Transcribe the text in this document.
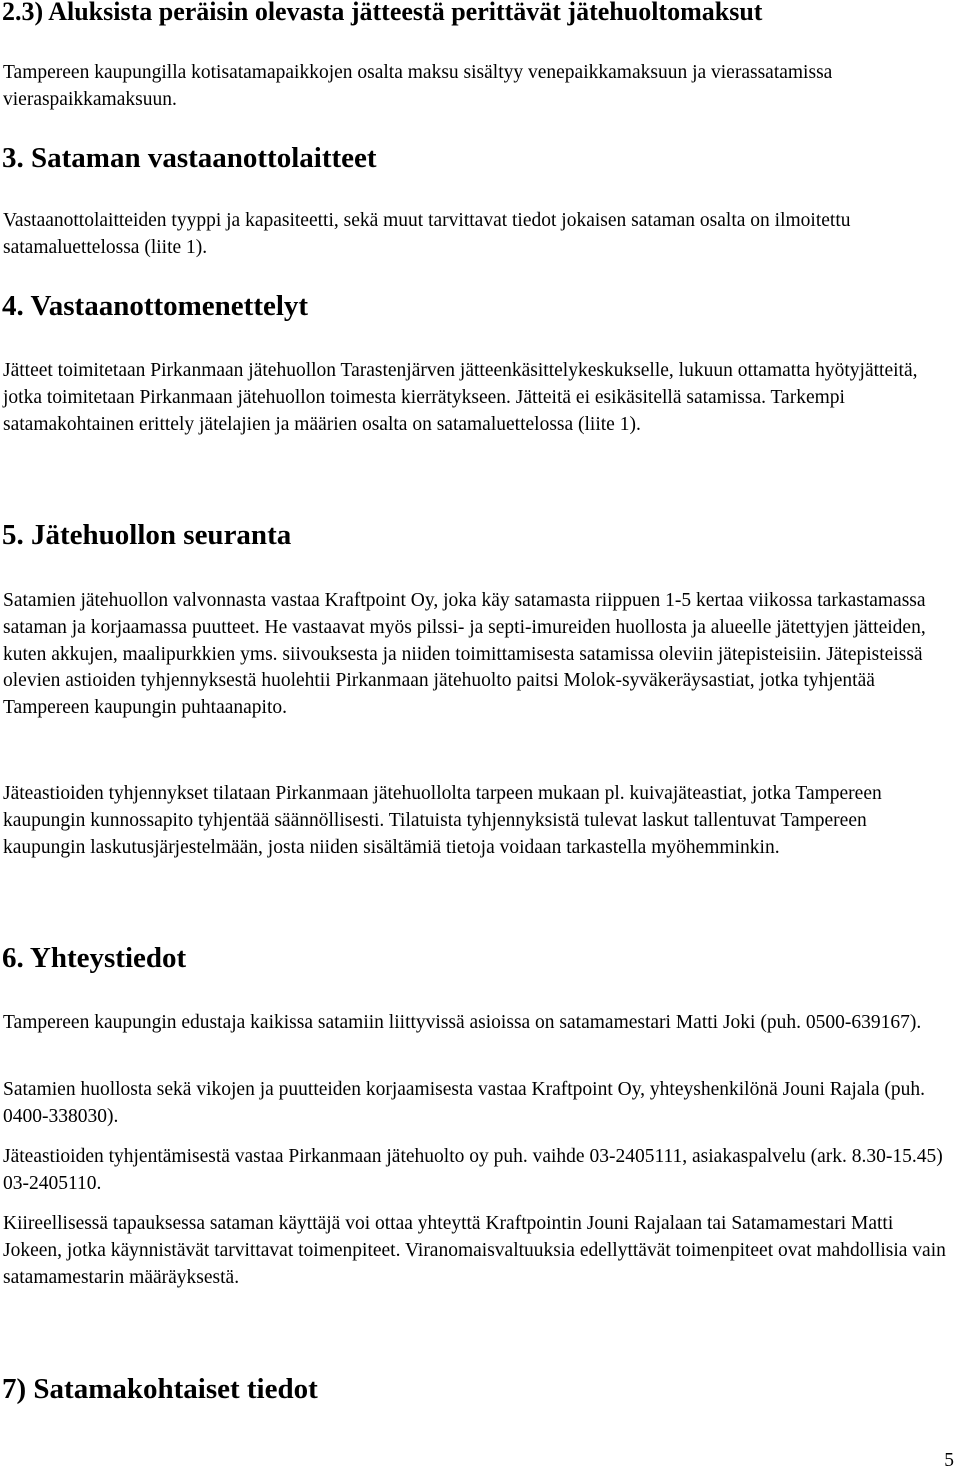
2.3) Aluksista peräisin olevasta jätteestä perittävät jätehuoltomaksut

Tampereen kaupungilla kotisatamapaikkojen osalta maksu sisältyy venepaikkamaksuun ja vierassatamissa vieraspaikkamaksuun.

3. Sataman vastaanottolaitteet

Vastaanottolaitteiden tyyppi ja kapasiteetti, sekä muut tarvittavat tiedot jokaisen sataman osalta on ilmoitettu satamaluettelossa (liite 1).

4. Vastaanottomenettelyt

Jätteet toimitetaan Pirkanmaan jätehuollon Tarastenjärven jätteenkäsittelykeskukselle, lukuun ottamatta hyötyjätteitä, jotka toimitetaan Pirkanmaan jätehuollon toimesta kierrätykseen. Jätteitä ei esikäsitellä satamissa. Tarkempi satamakohtainen erittely jätelajien ja määrien osalta on satamaluettelossa (liite 1).

5. Jätehuollon seuranta

Satamien jätehuollon valvonnasta vastaa Kraftpoint Oy, joka käy satamasta riippuen 1-5 kertaa viikossa tarkastamassa sataman ja korjaamassa puutteet. He vastaavat myös pilssi- ja septi-imureiden huollosta ja alueelle jätettyjen jätteiden, kuten akkujen, maalipurkkien yms. siivouksesta ja niiden toimittamisesta satamissa oleviin jätepisteisiin. Jätepisteissä olevien astioiden tyhjennyksestä huolehtii Pirkanmaan jätehuolto paitsi Molok-syväkeräysastiat, jotka tyhjentää Tampereen kaupungin puhtaanapito.

Jäteastioiden tyhjennykset tilataan Pirkanmaan jätehuollolta tarpeen mukaan pl. kuivajäteastiat, jotka Tampereen kaupungin kunnossapito tyhjentää säännöllisesti. Tilatuista tyhjennyksistä tulevat laskut tallentuvat Tampereen kaupungin laskutusjärjestelmään, josta niiden sisältämiä tietoja voidaan tarkastella myöhemminkin.

6. Yhteystiedot

Tampereen kaupungin edustaja kaikissa satamiin liittyvissä asioissa on satamamestari Matti Joki (puh. 0500-639167).

Satamien huollosta sekä vikojen ja puutteiden korjaamisesta vastaa Kraftpoint Oy, yhteyshenkilönä Jouni Rajala (puh. 0400-338030).

Jäteastioiden tyhjentämisestä vastaa Pirkanmaan jätehuolto oy puh. vaihde 03-2405111, asiakaspalvelu (ark. 8.30-15.45) 03-2405110.

Kiireellisessä tapauksessa sataman käyttäjä voi ottaa yhteyttä Kraftpointin Jouni Rajalaan tai Satamamestari Matti Jokeen, jotka käynnistävät tarvittavat toimenpiteet. Viranomaisvaltuuksia edellyttävät toimenpiteet ovat mahdollisia vain satamamestarin määräyksestä.

7) Satamakohtaiset tiedot
5
